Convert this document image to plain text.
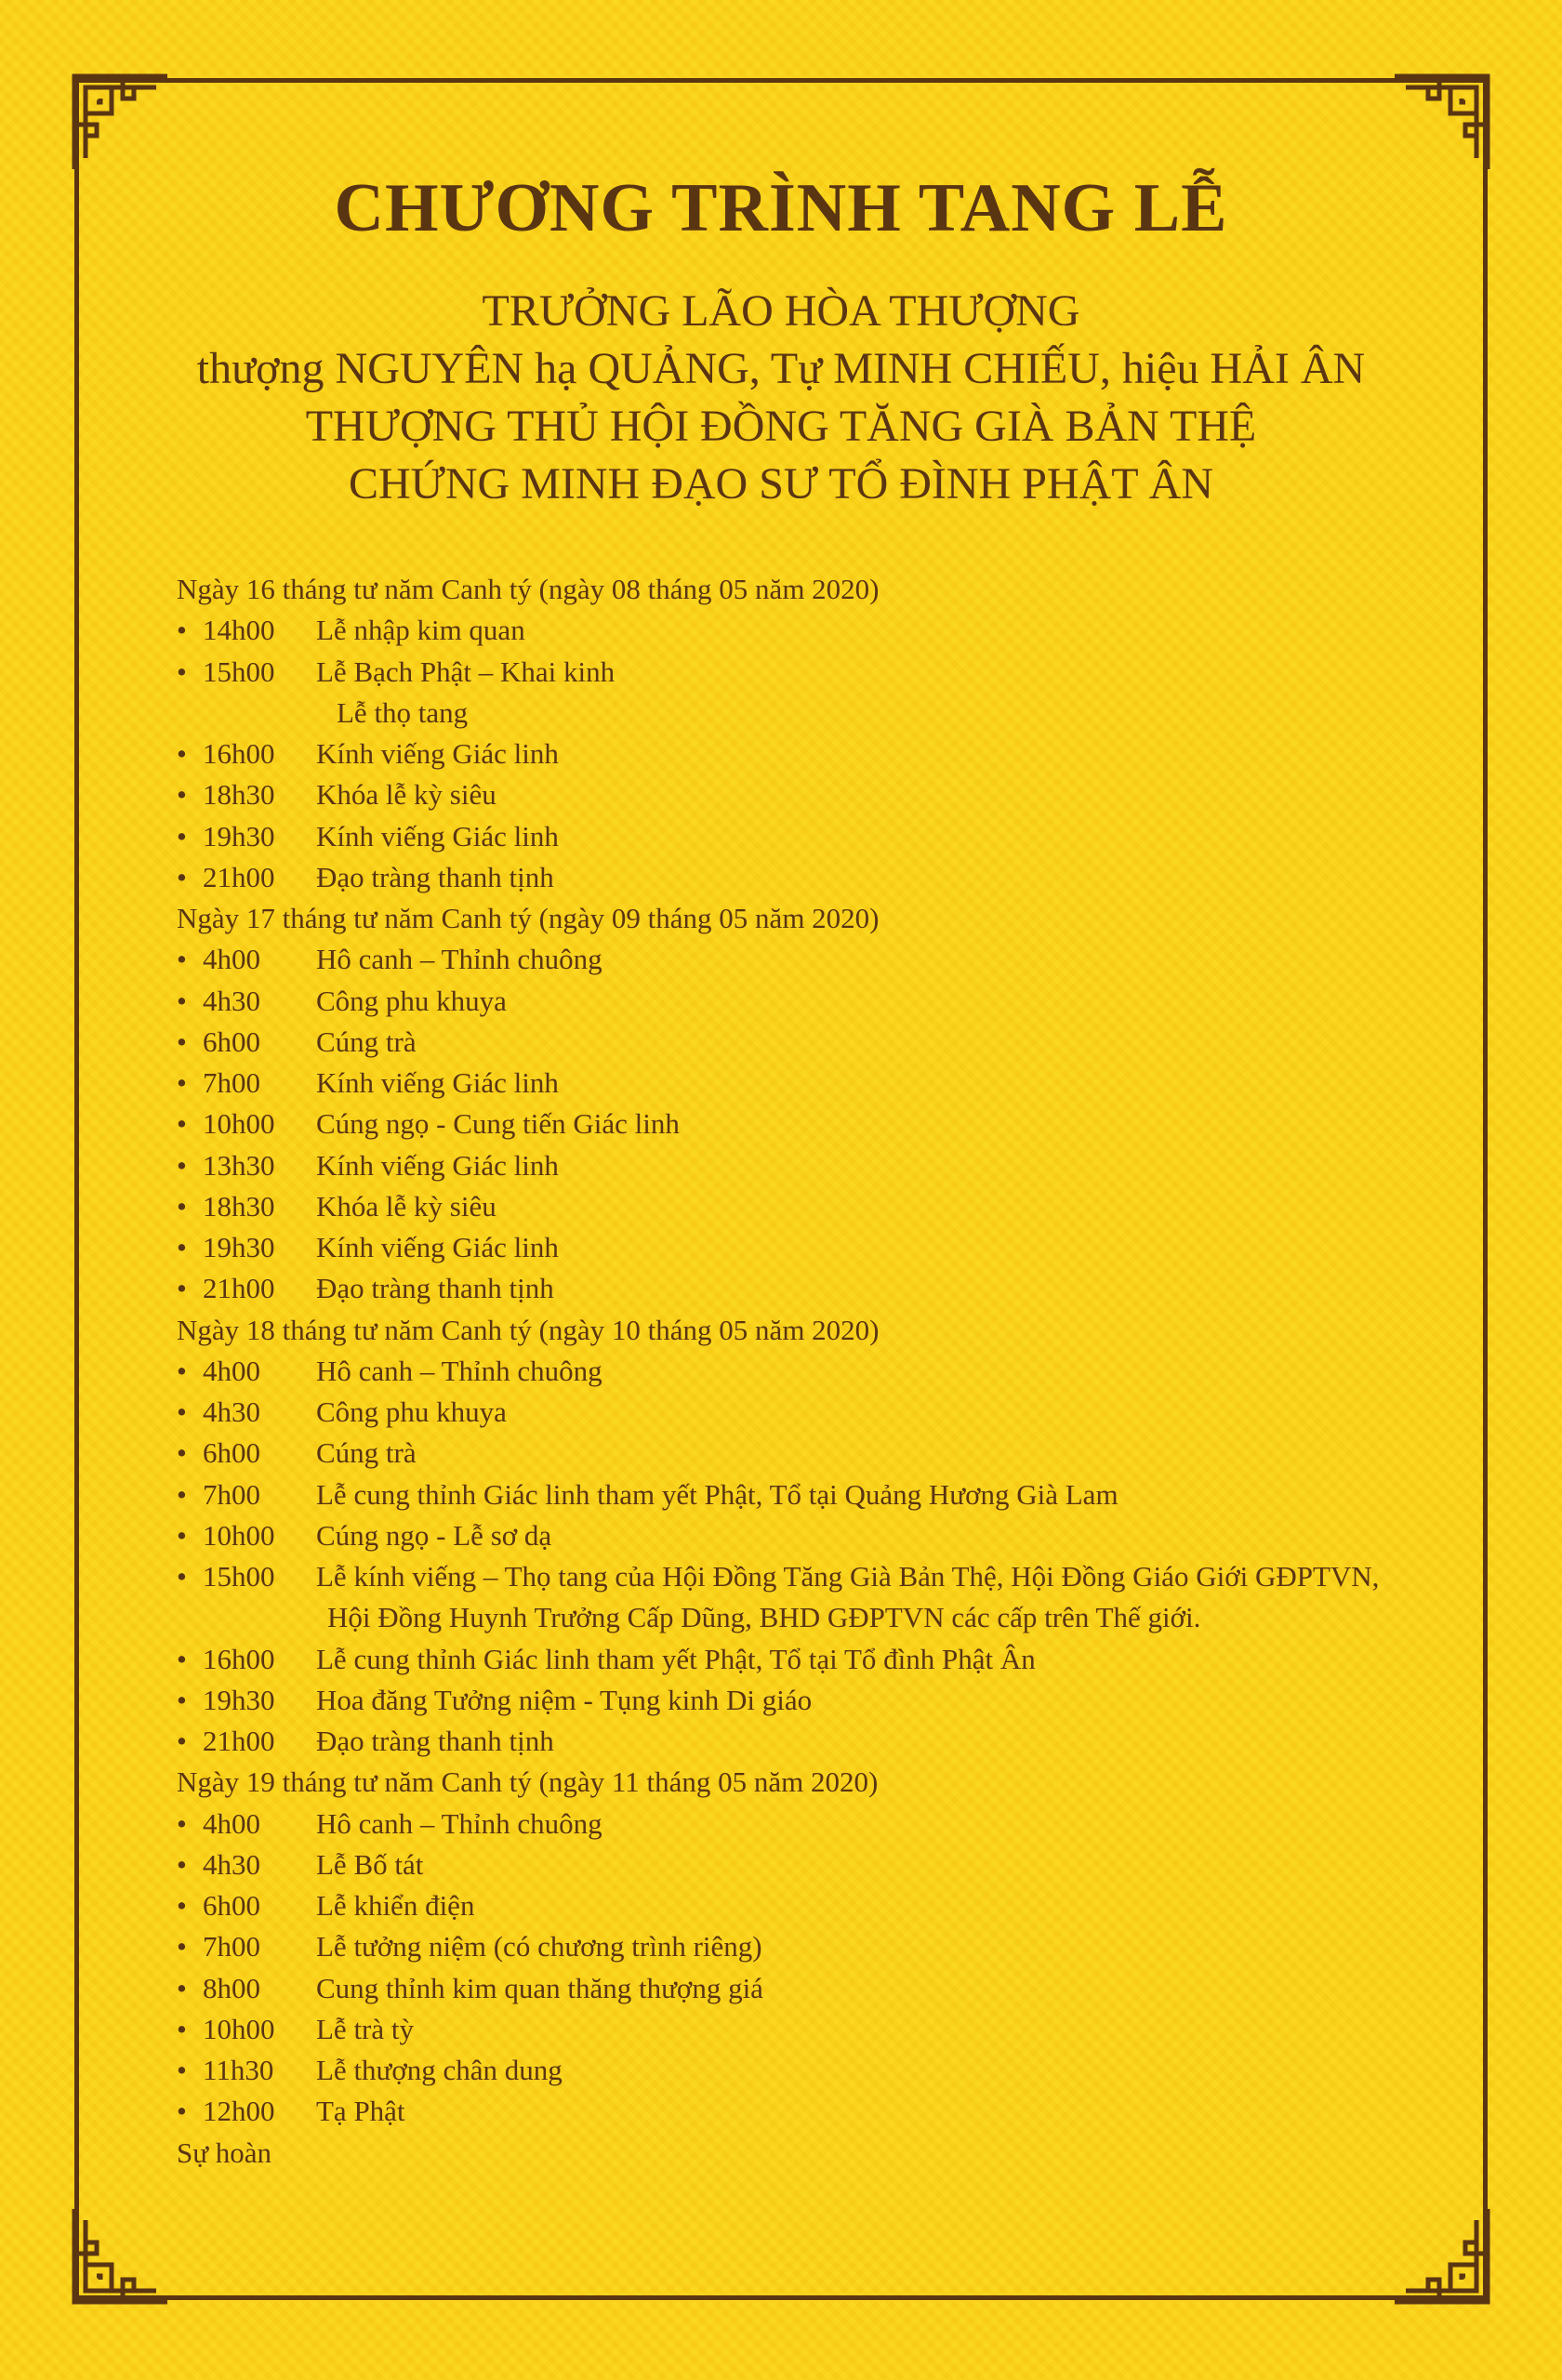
CHƯƠNG TRÌNH TANG LỄ
TRƯỞNG LÃO HÒA THƯỢNG
thượng NGUYÊN hạ QUẢNG, Tự MINH CHIẾU, hiệu HẢI ÂN
THƯỢNG THỦ HỘI ĐỒNG TĂNG GIÀ BẢN THỆ
CHỨNG MINH ĐẠO SƯ TỔ ĐÌNH PHẬT ÂN
Ngày 16 tháng tư năm Canh tý (ngày 08 tháng 05 năm 2020)
• 14h00	Lễ nhập kim quan
• 15h00	Lễ Bạch Phật – Khai kinh
Lễ thọ tang
• 16h00	Kính viếng Giác linh
• 18h30	Khóa lễ kỳ siêu
• 19h30	Kính viếng Giác linh
• 21h00	Đạo tràng thanh tịnh
Ngày 17 tháng tư năm Canh tý (ngày 09 tháng 05 năm 2020)
• 4h00	Hô canh – Thỉnh chuông
• 4h30	Công phu khuya
• 6h00	Cúng trà
• 7h00	Kính viếng Giác linh
• 10h00	Cúng ngọ - Cung tiến Giác linh
• 13h30	Kính viếng Giác linh
• 18h30	Khóa lễ kỳ siêu
• 19h30	Kính viếng Giác linh
• 21h00	Đạo tràng thanh tịnh
Ngày 18 tháng tư năm Canh tý (ngày 10 tháng 05 năm 2020)
• 4h00	Hô canh – Thỉnh chuông
• 4h30	Công phu khuya
• 6h00	Cúng trà
• 7h00	Lễ cung thỉnh Giác linh tham yết Phật, Tổ tại Quảng Hương Già Lam
• 10h00	Cúng ngọ - Lễ sơ dạ
• 15h00	Lễ kính viếng – Thọ tang của Hội Đồng Tăng Già Bản Thệ, Hội Đồng Giáo Giới GĐPTVN,
Hội Đồng Huynh Trưởng Cấp Dũng, BHD GĐPTVN các cấp trên Thế giới.
• 16h00	Lễ cung thỉnh Giác linh tham yết Phật, Tổ tại Tổ đình Phật Ân
• 19h30	Hoa đăng Tưởng niệm - Tụng kinh Di giáo
• 21h00	Đạo tràng thanh tịnh
Ngày 19 tháng tư năm Canh tý (ngày 11 tháng 05 năm 2020)
• 4h00	Hô canh – Thỉnh chuông
• 4h30	Lễ Bố tát
• 6h00	Lễ khiển điện
• 7h00	Lễ tưởng niệm (có chương trình riêng)
• 8h00	Cung thỉnh kim quan thăng thượng giá
• 10h00	Lễ trà tỳ
• 11h30	Lễ thượng chân dung
• 12h00	Tạ Phật
Sự hoàn
